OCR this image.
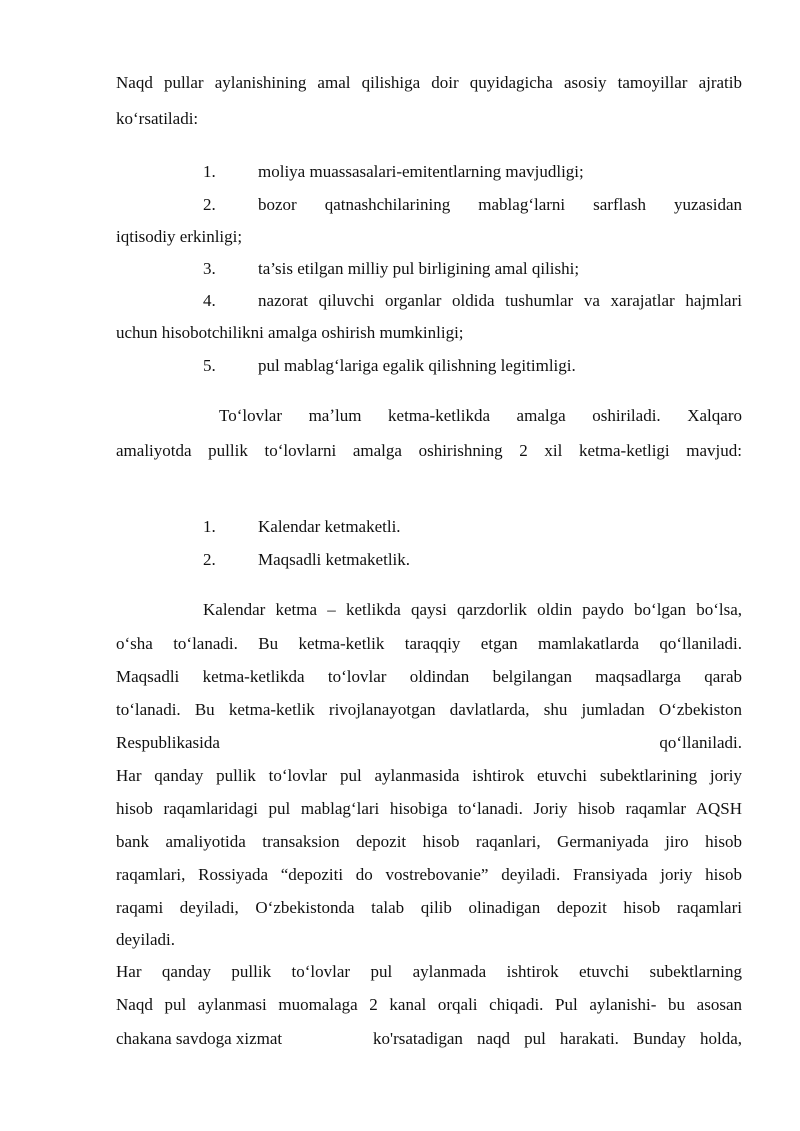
Naqd pullar aylanishining amal qilishiga doir quyidagicha asosiy tamoyillar ajratib
koʻrsatiladi:
1. moliya muassasalari-emitentlarning mavjudligi;
2. bozor qatnashchilarining mablagʻlarni sarflash yuzasidan
iqtisodiy erkinligi;
3. ta’sis etilgan milliy pul birligining amal qilishi;
4. nazorat qiluvchi organlar oldida tushumlar va xarajatlar hajmlari
uchun hisobotchilikni amalga oshirish mumkinligi;
5. pul mablagʻlariga egalik qilishning legitimligi.
Toʻlovlar maʼlum ketma-ketlikda amalga oshiriladi. Xalqaro
amaliyotda pullik toʻlovlarni amalga oshirishning 2 xil ketma-ketligi mavjud:
1. Kalendar ketmaketli.
2. Maqsadli ketmaketlik.
Kalendar ketma – ketlikda qaysi qarzdorlik oldin paydo boʻlgan boʻlsa,
oʻsha toʻlanadi. Bu ketma-ketlik taraqqiy etgan mamlakatlarda qoʻllaniladi.
Maqsadli ketma-ketlikda toʻlovlar oldindan belgilangan maqsadlarga qarab
toʻlanadi. Bu ketma-ketlik rivojlanayotgan davlatlarda, shu jumladan Oʻzbekiston
Respublikasida	qoʻllaniladi.
Har qanday pullik toʻlovlar pul aylanmasida ishtirok etuvchi subektlarining joriy
hisob raqamlaridagi pul mablagʻlari hisobiga toʻlanadi. Joriy hisob raqamlar AQSH
bank amaliyotida transaksion depozit hisob raqanlari, Germaniyada jiro hisob
raqamlari, Rossiyada “depoziti do vostrebovanie” deyiladi. Fransiyada joriy hisob
raqami deyiladi, Oʻzbekistonda talab qilib olinadigan depozit hisob raqamlari
deyiladi.
Har qanday pullik toʻlovlar pul aylanmada ishtirok etuvchi subektlarning
Naqd pul aylanmasi muomalaga 2 kanal orqali chiqadi. Pul aylanishi- bu asosan
chakana savdoga xizmat	ko'rsatadigan naqd pul harakati. Bunday holda,
